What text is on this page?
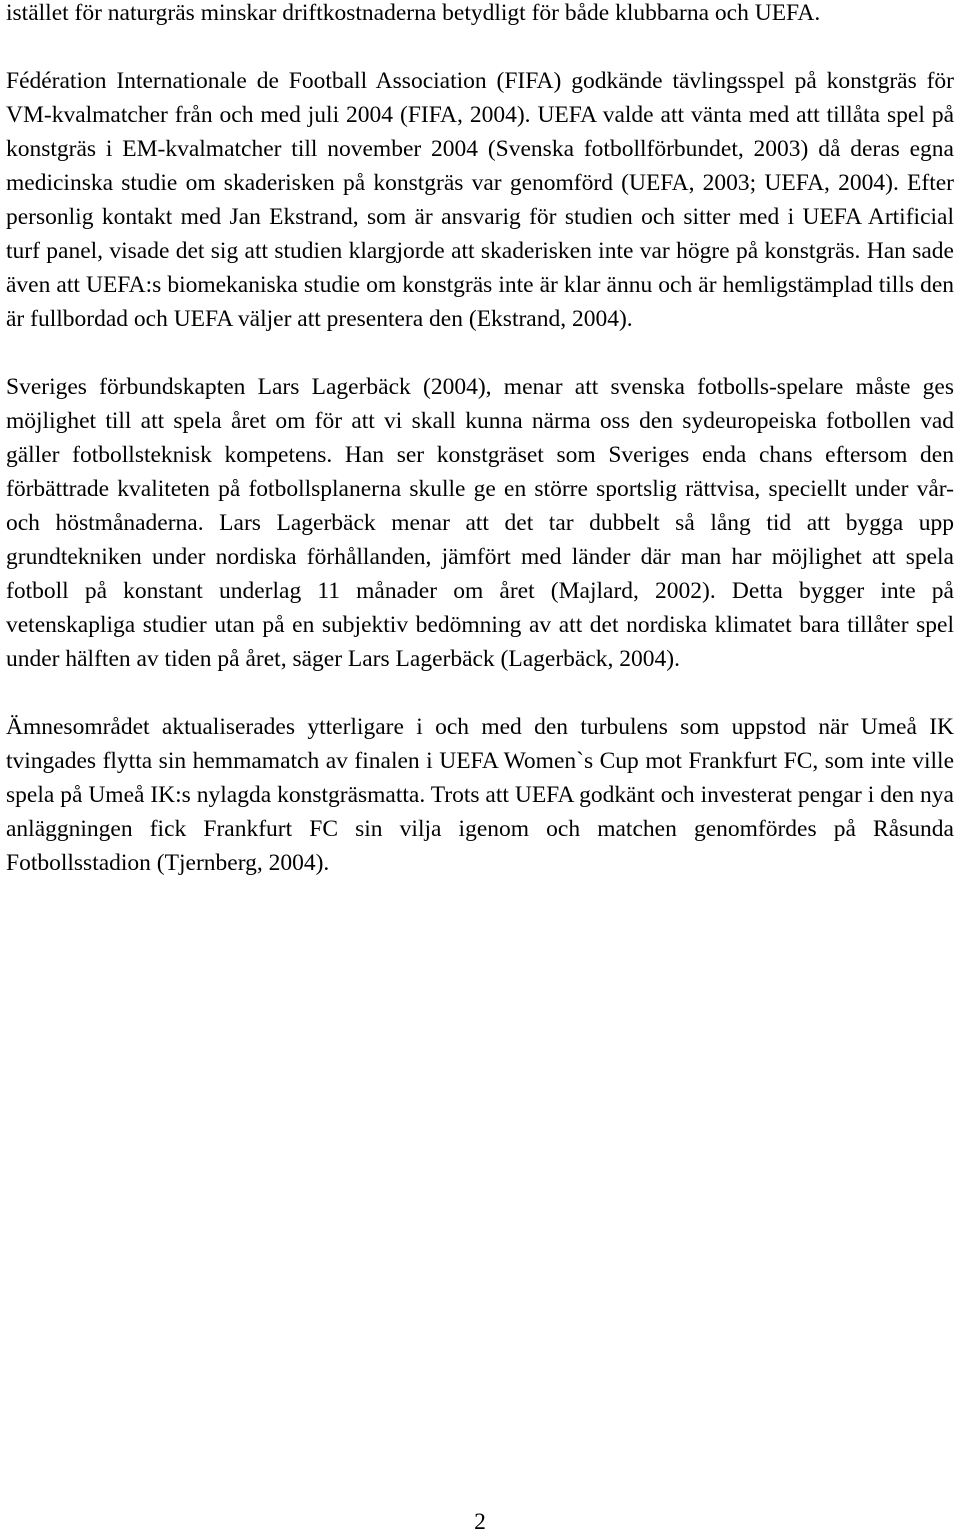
istället för naturgräs minskar driftkostnaderna betydligt för både klubbarna och UEFA.

Fédération Internationale de Football Association (FIFA) godkände tävlingsspel på konstgräs för VM-kvalmatcher från och med juli 2004 (FIFA, 2004). UEFA valde att vänta med att tillåta spel på konstgräs i EM-kvalmatcher till november 2004 (Svenska fotbollförbundet, 2003) då deras egna medicinska studie om skaderisken på konstgräs var genomförd (UEFA, 2003; UEFA, 2004). Efter personlig kontakt med Jan Ekstrand, som är ansvarig för studien och sitter med i UEFA Artificial turf panel, visade det sig att studien klargjorde att skaderisken inte var högre på konstgräs. Han sade även att UEFA:s biomekaniska studie om konstgräs inte är klar ännu och är hemligstämplad tills den är fullbordad och UEFA väljer att presentera den (Ekstrand, 2004).

Sveriges förbundskapten Lars Lagerbäck (2004), menar att svenska fotbolls-spelare måste ges möjlighet till att spela året om för att vi skall kunna närma oss den sydeuropeiska fotbollen vad gäller fotbollsteknisk kompetens. Han ser konstgräset som Sveriges enda chans eftersom den förbättrade kvaliteten på fotbollsplanerna skulle ge en större sportslig rättvisa, speciellt under vår- och höstmånaderna. Lars Lagerbäck menar att det tar dubbelt så lång tid att bygga upp grundtekniken under nordiska förhållanden, jämfört med länder där man har möjlighet att spela fotboll på konstant underlag 11 månader om året (Majlard, 2002). Detta bygger inte på vetenskapliga studier utan på en subjektiv bedömning av att det nordiska klimatet bara tillåter spel under hälften av tiden på året, säger Lars Lagerbäck (Lagerbäck, 2004).

Ämnesområdet aktualiserades ytterligare i och med den turbulens som uppstod när Umeå IK tvingades flytta sin hemmamatch av finalen i UEFA Women`s Cup mot Frankfurt FC, som inte ville spela på Umeå IK:s nylagda konstgräsmatta. Trots att UEFA godkänt och investerat pengar i den nya anläggningen fick Frankfurt FC sin vilja igenom och matchen genomfördes på Råsunda Fotbollsstadion (Tjernberg, 2004).

2
